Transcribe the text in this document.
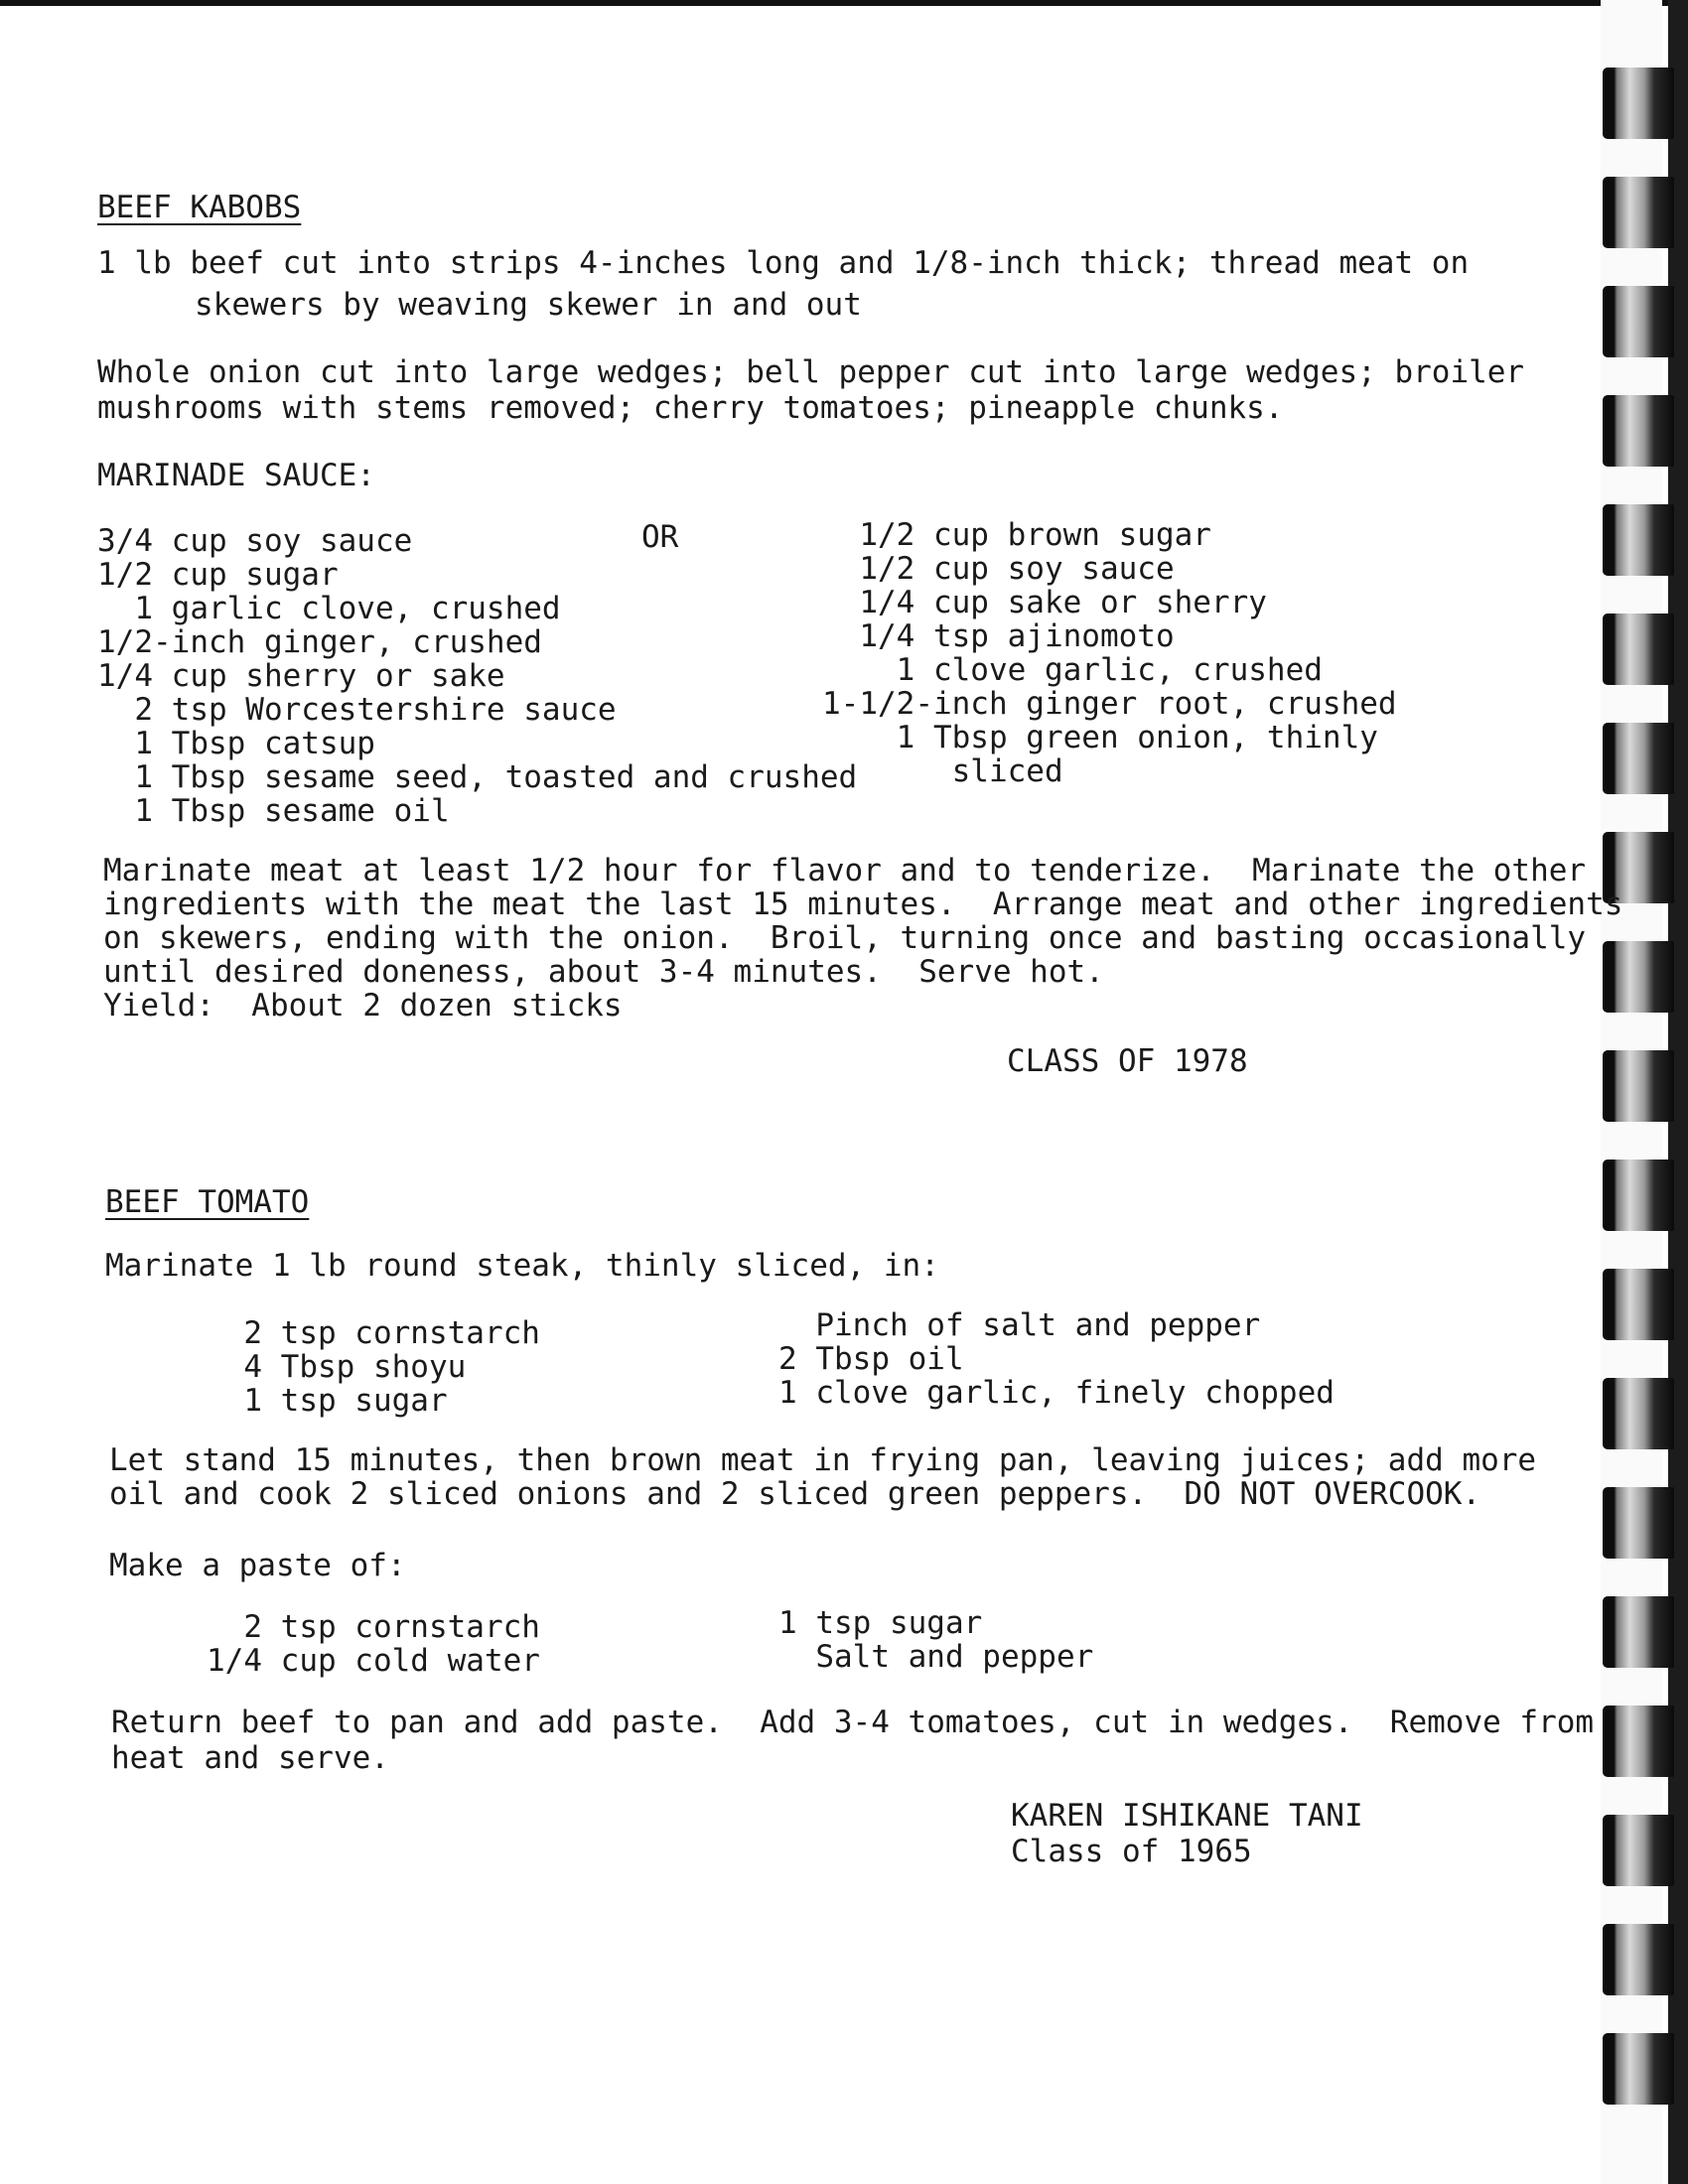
BEEF KABOBS
1 lb beef cut into strips 4-inches long and 1/8-inch thick; thread meat on
skewers by weaving skewer in and out
Whole onion cut into large wedges; bell pepper cut into large wedges; broiler
mushrooms with stems removed; cherry tomatoes; pineapple chunks.
MARINADE SAUCE:
OR
3/4 cup soy sauce
1/2 cup sugar
1 garlic clove, crushed
1/2-inch ginger, crushed
1/4 cup sherry or sake
2 tsp Worcestershire sauce
1 Tbsp catsup
1 Tbsp sesame seed, toasted and crushed
1 Tbsp sesame oil
1/2 cup brown sugar
1/2 cup soy sauce
1/4 cup sake or sherry
1/4 tsp ajinomoto
1 clove garlic, crushed
1-1/2-inch ginger root, crushed
1 Tbsp green onion, thinly
sliced
Marinate meat at least 1/2 hour for flavor and to tenderize.  Marinate the other
ingredients with the meat the last 15 minutes.  Arrange meat and other ingredients
on skewers, ending with the onion.  Broil, turning once and basting occasionally
until desired doneness, about 3-4 minutes.  Serve hot.
Yield:  About 2 dozen sticks
CLASS OF 1978
BEEF TOMATO
Marinate 1 lb round steak, thinly sliced, in:
2 tsp cornstarch
4 Tbsp shoyu
1 tsp sugar
Pinch of salt and pepper
2 Tbsp oil
1 clove garlic, finely chopped
Let stand 15 minutes, then brown meat in frying pan, leaving juices; add more
oil and cook 2 sliced onions and 2 sliced green peppers.  DO NOT OVERCOOK.
Make a paste of:
2 tsp cornstarch
1/4 cup cold water
1 tsp sugar
Salt and pepper
Return beef to pan and add paste.  Add 3-4 tomatoes, cut in wedges.  Remove from
heat and serve.
KAREN ISHIKANE TANI
Class of 1965
